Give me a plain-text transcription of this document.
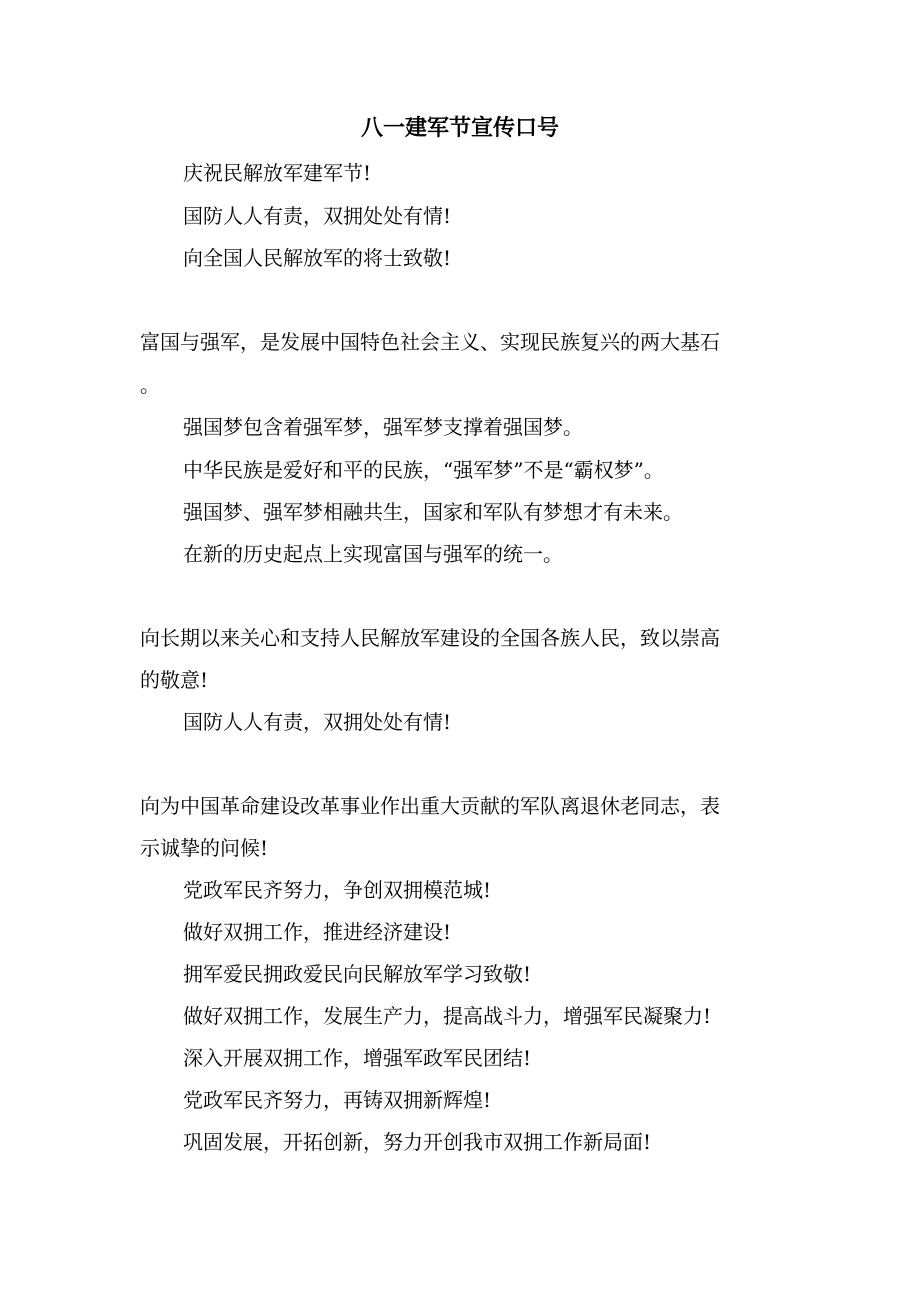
八一建军节宣传口号
庆祝民解放军建军节!
国防人人有责，双拥处处有情!
向全国人民解放军的将士致敬!
富国与强军，是发展中国特色社会主义、实现民族复兴的两大基石
。
强国梦包含着强军梦，强军梦支撑着强国梦。
中华民族是爱好和平的民族，“强军梦”不是“霸权梦”。
强国梦、强军梦相融共生，国家和军队有梦想才有未来。
在新的历史起点上实现富国与强军的统一。
向长期以来关心和支持人民解放军建设的全国各族人民，致以崇高
的敬意!
国防人人有责，双拥处处有情!
向为中国革命建设改革事业作出重大贡献的军队离退休老同志，表
示诚挚的问候!
党政军民齐努力，争创双拥模范城!
做好双拥工作，推进经济建设!
拥军爱民拥政爱民向民解放军学习致敬!
做好双拥工作，发展生产力，提高战斗力，增强军民凝聚力!
深入开展双拥工作，增强军政军民团结!
党政军民齐努力，再铸双拥新辉煌!
巩固发展，开拓创新，努力开创我市双拥工作新局面!
